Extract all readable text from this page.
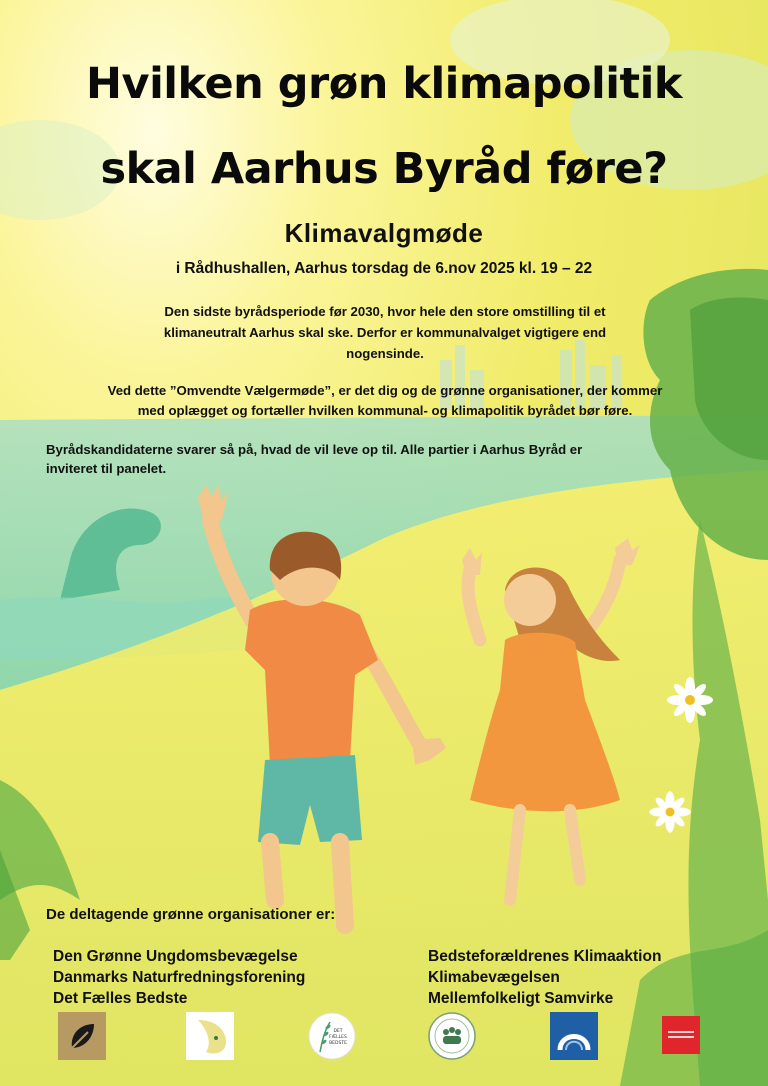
Hvilken grøn klimapolitik
skal Aarhus Byråd føre?
Klimavalgmøde
i Rådhushallen, Aarhus torsdag de 6.nov 2025 kl. 19 – 22
Den sidste byrådsperiode før 2030, hvor hele den store omstilling til et
klimaneutralt Aarhus skal ske. Derfor er kommunalvalget vigtigere end
nogensinde.
Ved dette ”Omvendte Vælgermøde”, er det dig og de grønne organisationer, der kommer
med oplægget og fortæller hvilken kommunal- og klimapolitik byrådet bør føre.
Byrådskandidaterne svarer så på, hvad de vil leve op til. Alle partier i Aarhus Byråd er
inviteret til panelet.
De deltagende grønne organisationer er:
Den Grønne Ungdomsbevægelse
Danmarks Naturfredningsforening
Det Fælles Bedste
Bedsteforældrenes Klimaaktion
Klimabevægelsen
Mellemfolkeligt Samvirke
DET
FÆLLES
BEDSTE
